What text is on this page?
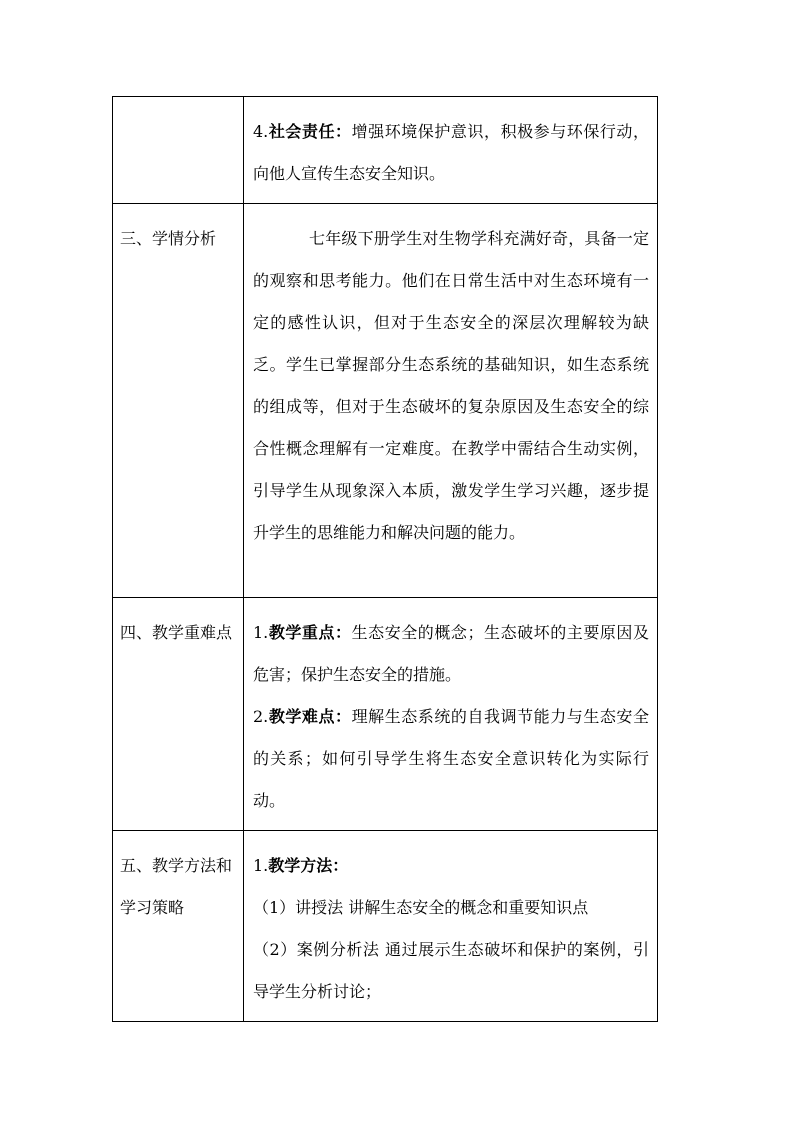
	4.社会责任：增强环境保护意识，积极参与环保行动，向他人宣传生态安全知识。

三、学情分析	七年级下册学生对生物学科充满好奇，具备一定的观察和思考能力。他们在日常生活中对生态环境有一定的感性认识，但对于生态安全的深层次理解较为缺乏。学生已掌握部分生态系统的基础知识，如生态系统的组成等，但对于生态破坏的复杂原因及生态安全的综合性概念理解有一定难度。在教学中需结合生动实例，引导学生从现象深入本质，激发学生学习兴趣，逐步提升学生的思维能力和解决问题的能力。

四、教学重难点	1.教学重点：生态安全的概念；生态破坏的主要原因及危害；保护生态安全的措施。

2.教学难点：理解生态系统的自我调节能力与生态安全的关系；如何引导学生将生态安全意识转化为实际行动。

五、教学方法和学习策略	1.教学方法：

（1）讲授法 讲解生态安全的概念和重要知识点

（2）案例分析法 通过展示生态破坏和保护的案例，引导学生分析讨论；
